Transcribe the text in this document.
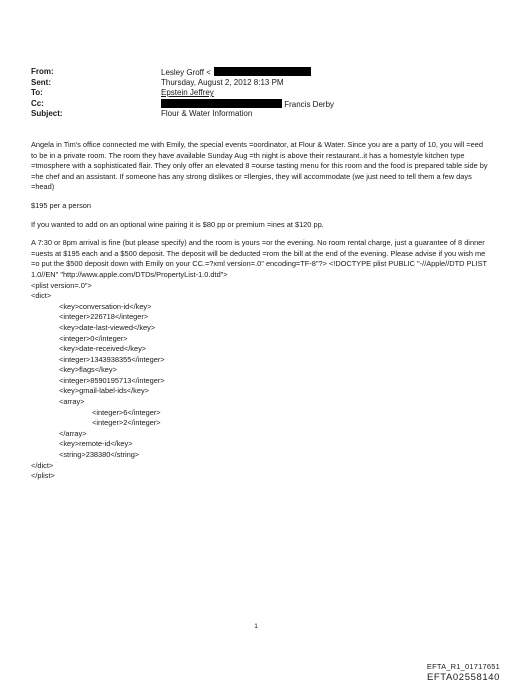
From:	Lesley Groff <
Sent:	Thursday, August 2, 2012 8:13 PM
To:	Epstein Jeffrey
Cc:	Francis Derby
Subject:	Flour & Water Information

Angela in Tim's office connected me with Emily, the special events =oordinator, at Flour & Water. Since you are a party of 10, you will =eed to be in a private room. The room they have available Sunday Aug =th night is above their restaurant..it has a homestyle kitchen type =tmosphere with a sophisticated flair. They only offer an elevated 8 =ourse tasting menu for this room and the food is prepared table side by =he chef and an assistant. If someone has any strong dislikes or =llergies, they will accommodate (we just need to tell them a few days =head)

$195 per a person

If you wanted to add on an optional wine pairing it is $80 pp or premium =ines at $120 pp.

A 7:30 or 8pm arrival is fine (but please specify) and the room is yours =or the evening. No room rental charge, just a guarantee of 8 dinner =uests at $195 each and a $500 deposit. The deposit will be deducted =rom the bill at the end of the evening. Please advise if you wish me =o put the $500 deposit down with Emily on your CC.=?xml version=.0" encoding=TF-8"?> <!DOCTYPE plist PUBLIC "-//Apple//DTD PLIST 1.0//EN" "http://www.apple.com/DTDs/PropertyList-1.0.dtd">

<plist version=.0">
<dict>
<key>conversation-id</key>
<integer>226718</integer>
<key>date-last-viewed</key>
<integer>0</integer>
<key>date-received</key>
<integer>1343938355</integer>
<key>flags</key>
<integer>8590195713</integer>
<key>gmail-label-ids</key>
<array>
<integer>6</integer>
<integer>2</integer>
</array>
<key>remote-id</key>
<string>238380</string>
</dict>
</plist>
1
EFTA_R1_01717651
EFTA02558140
